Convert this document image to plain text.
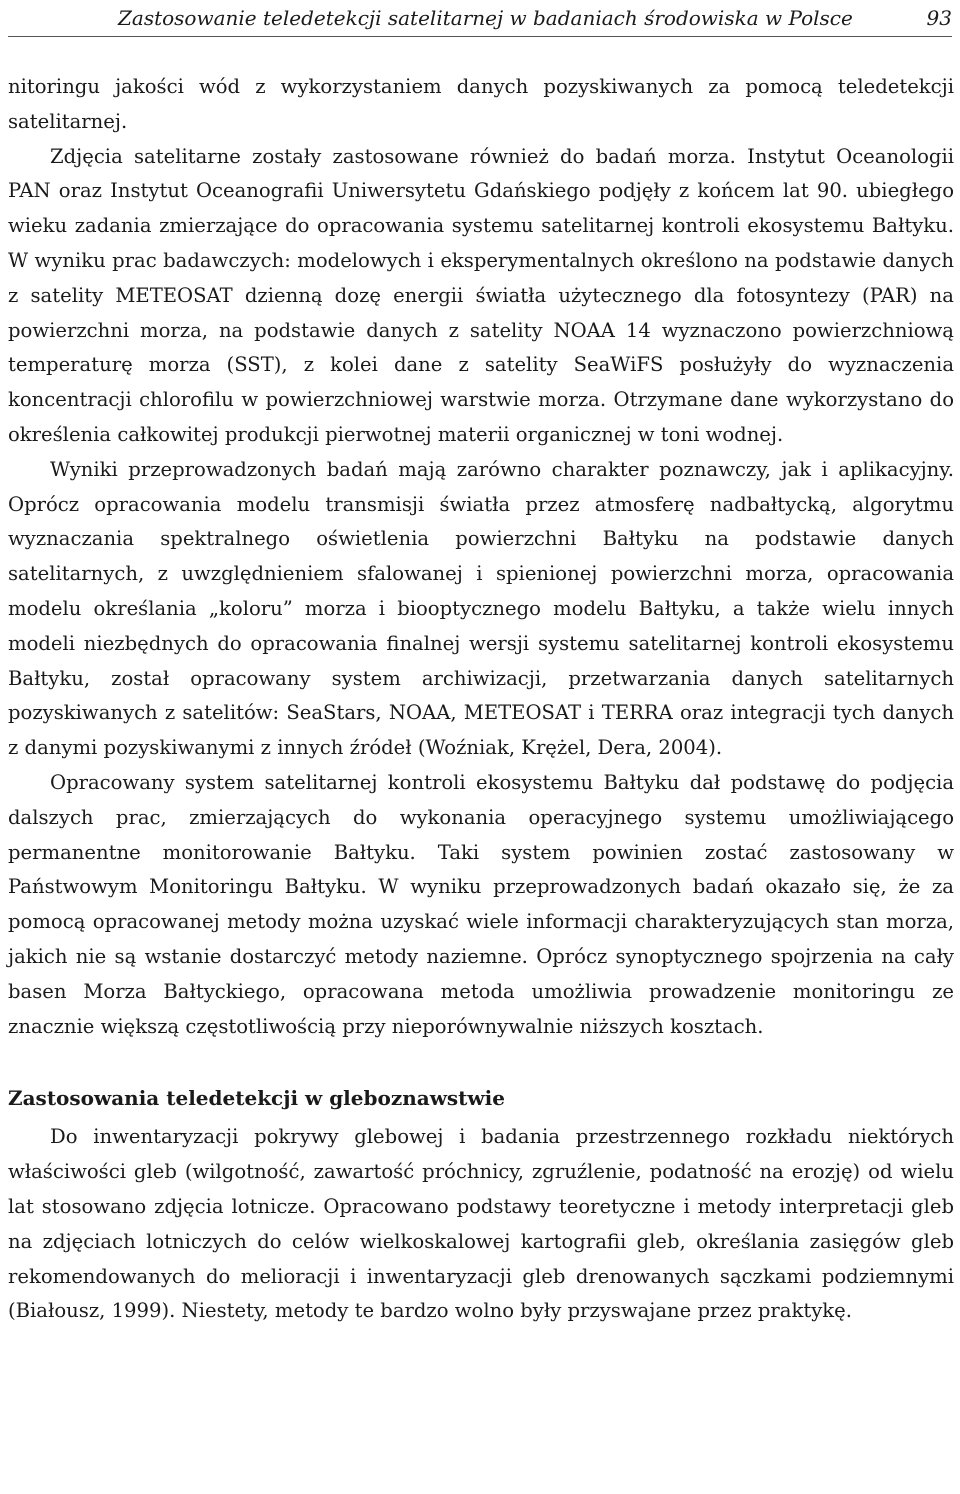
Zastosowanie teledetekcji satelitarnej w badaniach środowiska w Polsce	93

nitoringu jakości wód z wykorzystaniem danych pozyskiwanych za pomocą teledetekcji satelitarnej.

Zdjęcia satelitarne zostały zastosowane również do badań morza. Instytut Oceanologii PAN oraz Instytut Oceanografii Uniwersytetu Gdańskiego podjęły z końcem lat 90. ubiegłego wieku zadania zmierzające do opracowania systemu satelitarnej kontroli ekosystemu Bałtyku. W wyniku prac badawczych: modelowych i eksperymentalnych określono na podstawie danych z satelity METEOSAT dzienną dozę energii światła użytecznego dla fotosyntezy (PAR) na powierzchni morza, na podstawie danych z satelity NOAA 14 wyznaczono powierzchniową temperaturę morza (SST), z kolei dane z satelity SeaWiFS posłużyły do wyznaczenia koncentracji chlorofilu w powierzchniowej warstwie morza. Otrzymane dane wykorzystano do określenia całkowitej produkcji pierwotnej materii organicznej w toni wodnej.

Wyniki przeprowadzonych badań mają zarówno charakter poznawczy, jak i aplikacyjny. Oprócz opracowania modelu transmisji światła przez atmosferę nadbałtycką, algorytmu wyznaczania spektralnego oświetlenia powierzchni Bałtyku na podstawie danych satelitarnych, z uwzględnieniem sfalowanej i spienionej powierzchni morza, opracowania modelu określania „koloru” morza i biooptycznego modelu Bałtyku, a także wielu innych modeli niezbędnych do opracowania finalnej wersji systemu satelitarnej kontroli ekosystemu Bałtyku, został opracowany system archiwizacji, przetwarzania danych satelitarnych pozyskiwanych z satelitów: SeaStars, NOAA, METEOSAT i TERRA oraz integracji tych danych z danymi pozyskiwanymi z innych źródeł (Woźniak, Krężel, Dera, 2004).

Opracowany system satelitarnej kontroli ekosystemu Bałtyku dał podstawę do podjęcia dalszych prac, zmierzających do wykonania operacyjnego systemu umożliwiającego permanentne monitorowanie Bałtyku. Taki system powinien zostać zastosowany w Państwowym Monitoringu Bałtyku. W wyniku przeprowadzonych badań okazało się, że za pomocą opracowanej metody można uzyskać wiele informacji charakteryzujących stan morza, jakich nie są wstanie dostarczyć metody naziemne. Oprócz synoptycznego spojrzenia na cały basen Morza Bałtyckiego, opracowana metoda umożliwia prowadzenie monitoringu ze znacznie większą częstotliwością przy nieporównywalnie niższych kosztach.

Zastosowania teledetekcji w gleboznawstwie

Do inwentaryzacji pokrywy glebowej i badania przestrzennego rozkładu niektórych właściwości gleb (wilgotność, zawartość próchnicy, zgruźlenie, podatność na erozję) od wielu lat stosowano zdjęcia lotnicze. Opracowano podstawy teoretyczne i metody interpretacji gleb na zdjęciach lotniczych do celów wielkoskalowej kartografii gleb, określania zasięgów gleb rekomendowanych do melioracji i inwentaryzacji gleb drenowanych sączkami podziemnymi (Białousz, 1999). Niestety, metody te bardzo wolno były przyswajane przez praktykę.
